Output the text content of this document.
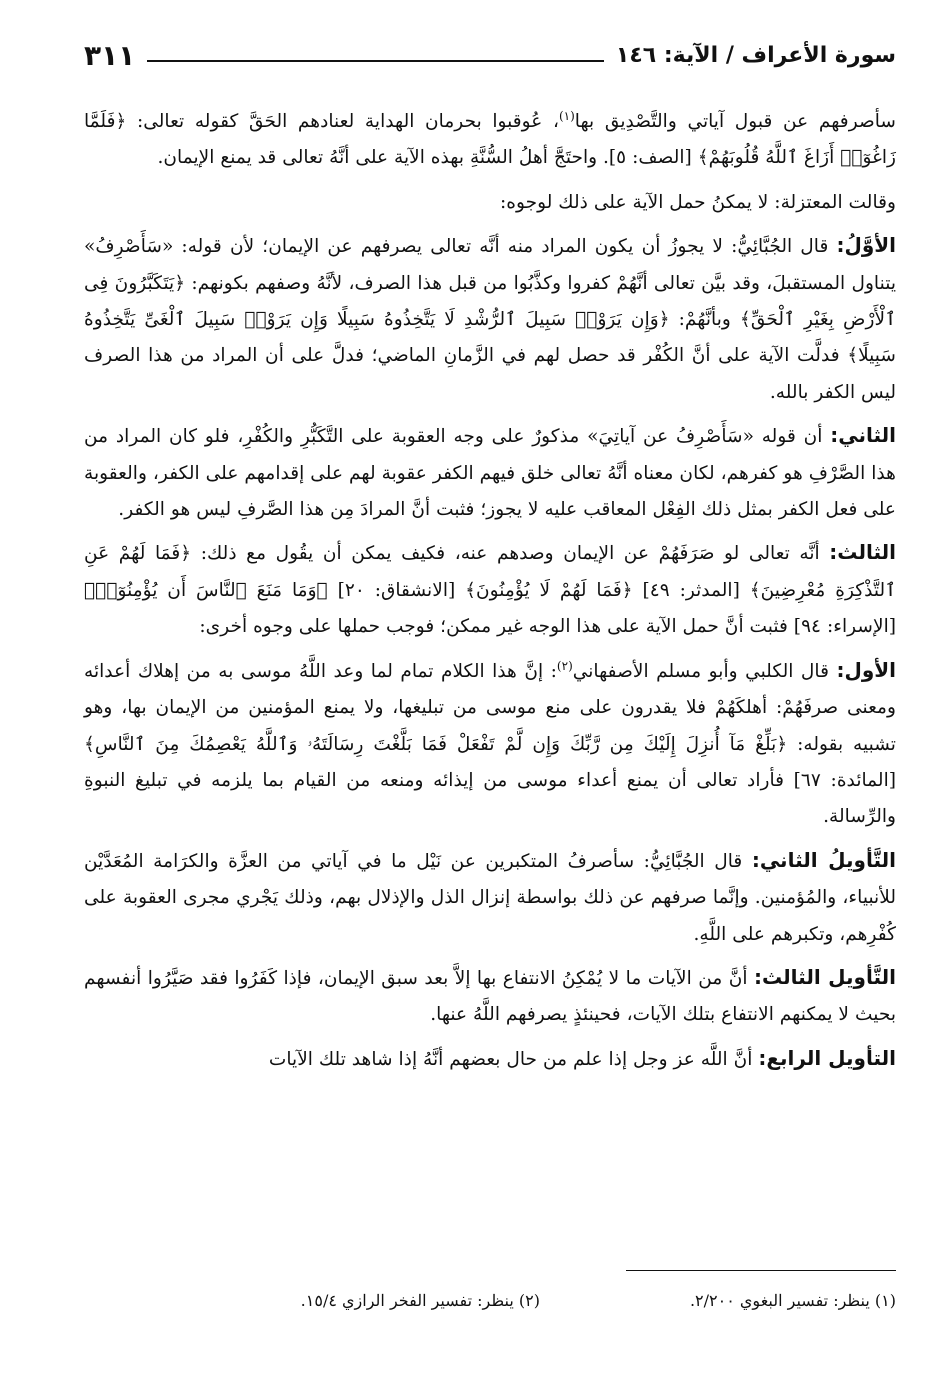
سورة الأعراف / الآية: ١٤٦
٣١١

سأصرفهم عن قبول آياتي والتَّصْدِيق بها$^{(١)}$، عُوقبوا بحرمان الهداية لعنادهم الحَقَّ كقوله تعالى: ﴿فَلَمَّا زَاغُوٓا۟ أَزَاغَ ٱللَّهُ قُلُوبَهُمْ﴾ [الصف: ٥]. واحتَجَّ أهلُ السُّنَّةِ بهذه الآية على أنَّهُ تعالى قد يمنع الإيمان.

وقالت المعتزلة: لا يمكنُ حمل الآية على ذلك لوجوه:

الأوَّلُ: قال الجُبَّائِيُّ: لا يجوزُ أن يكون المراد منه أنَّه تعالى يصرفهم عن الإيمان؛ لأن قوله: «سَأَصْرِفُ» يتناول المستقبلَ، وقد بيَّن تعالى أنَّهُمْ كفروا وكذَّبُوا من قبل هذا الصرف، لأنَّهُ وصفهم بكونهم: ﴿يَتَكَبَّرُونَ فِى ٱلْأَرْضِ بِغَيْرِ ٱلْحَقِّ﴾ وبأنَّهُمْ: ﴿وَإِن يَرَوْا۟ سَبِيلَ ٱلرُّشْدِ لَا يَتَّخِذُوهُ سَبِيلًا وَإِن يَرَوْا۟ سَبِيلَ ٱلْغَىِّ يَتَّخِذُوهُ سَبِيلًا﴾ فدلَّت الآية على أنَّ الكُفْر قد حصل لهم في الزَّمانِ الماضي؛ فدلَّ على أن المراد من هذا الصرف ليس الكفر بالله.

الثاني: أن قوله «سَأَصْرِفُ عن آياتِيَ» مذكورٌ على وجه العقوبة على التَّكَبُّرِ والكُفْرِ، فلو كان المراد من هذا الصَّرْفِ هو كفرهم، لكان معناه أنَّهُ تعالى خلق فيهم الكفر عقوبة لهم على إقدامهم على الكفر، والعقوبة على فعل الكفر بمثل ذلك الفِعْل المعاقب عليه لا يجوز؛ فثبت أنَّ المرادَ مِن هذا الصَّرفِ ليس هو الكفر.

الثالث: أنَّه تعالى لو صَرَفَهُمْ عن الإيمان وصدهم عنه، فكيف يمكن أن يقُول مع ذلك: ﴿فَمَا لَهُمْ عَنِ ٱلتَّذْكِرَةِ مُعْرِضِينَ﴾ [المدثر: ٤٩] ﴿فَمَا لَهُمْ لَا يُؤْمِنُونَ﴾ [الانشقاق: ٢٠] ﴿وَمَا مَنَعَ ٱلنَّاسَ أَن يُؤْمِنُوٓا۟﴾ [الإسراء: ٩٤] فثبت أنَّ حمل الآية على هذا الوجه غير ممكن؛ فوجب حملها على وجوه أخرى:

الأول: قال الكلبي وأبو مسلم الأصفهاني$^{(٢)}$: إنَّ هذا الكلام تمام لما وعد اللَّهُ موسى به من إهلاك أعدائه ومعنى صرفَهُمْ: أهلكَهُمْ فلا يقدرون على منع موسى من تبليغها، ولا يمنع المؤمنين من الإيمان بها، وهو تشبيه بقوله: ﴿بَلِّغْ مَآ أُنزِلَ إِلَيْكَ مِن رَّبِّكَ وَإِن لَّمْ تَفْعَلْ فَمَا بَلَّغْتَ رِسَالَتَهُۥ وَٱللَّهُ يَعْصِمُكَ مِنَ ٱلنَّاسِ﴾ [المائدة: ٦٧] فأراد تعالى أن يمنع أعداء موسى من إيذائه ومنعه من القيام بما يلزمه في تبليغ النبوةِ والرِّسالة.

التَّأويلُ الثاني: قال الجُبَّائِيُّ: سأصرفُ المتكبرين عن نَيْل ما في آياتي من العزَّة والكرَامة المُعَدَّيْن للأنبياء، والمُؤمنين. وإنَّما صرفهم عن ذلك بواسطة إنزال الذل والإذلال بهم، وذلك يَجْري مجرى العقوبة على كُفْرِهم، وتكبرهم على اللَّهِ.

التَّأويل الثالث: أنَّ من الآيات ما لا يُمْكِنُ الانتفاع بها إلاَّ بعد سبق الإيمان، فإذا كَفَرُوا فقد صَيَّرُوا أنفسهم بحيث لا يمكنهم الانتفاع بتلك الآيات، فحينئذٍ يصرفهم اللَّهُ عنها.

التأويل الرابع: أنَّ اللَّه عز وجل إذا علم من حال بعضهم أنَّهُ إذا شاهد تلك الآيات

(١) ينظر: تفسير البغوي ٢/٢٠٠.
(٢) ينظر: تفسير الفخر الرازي ١٥/٤.
